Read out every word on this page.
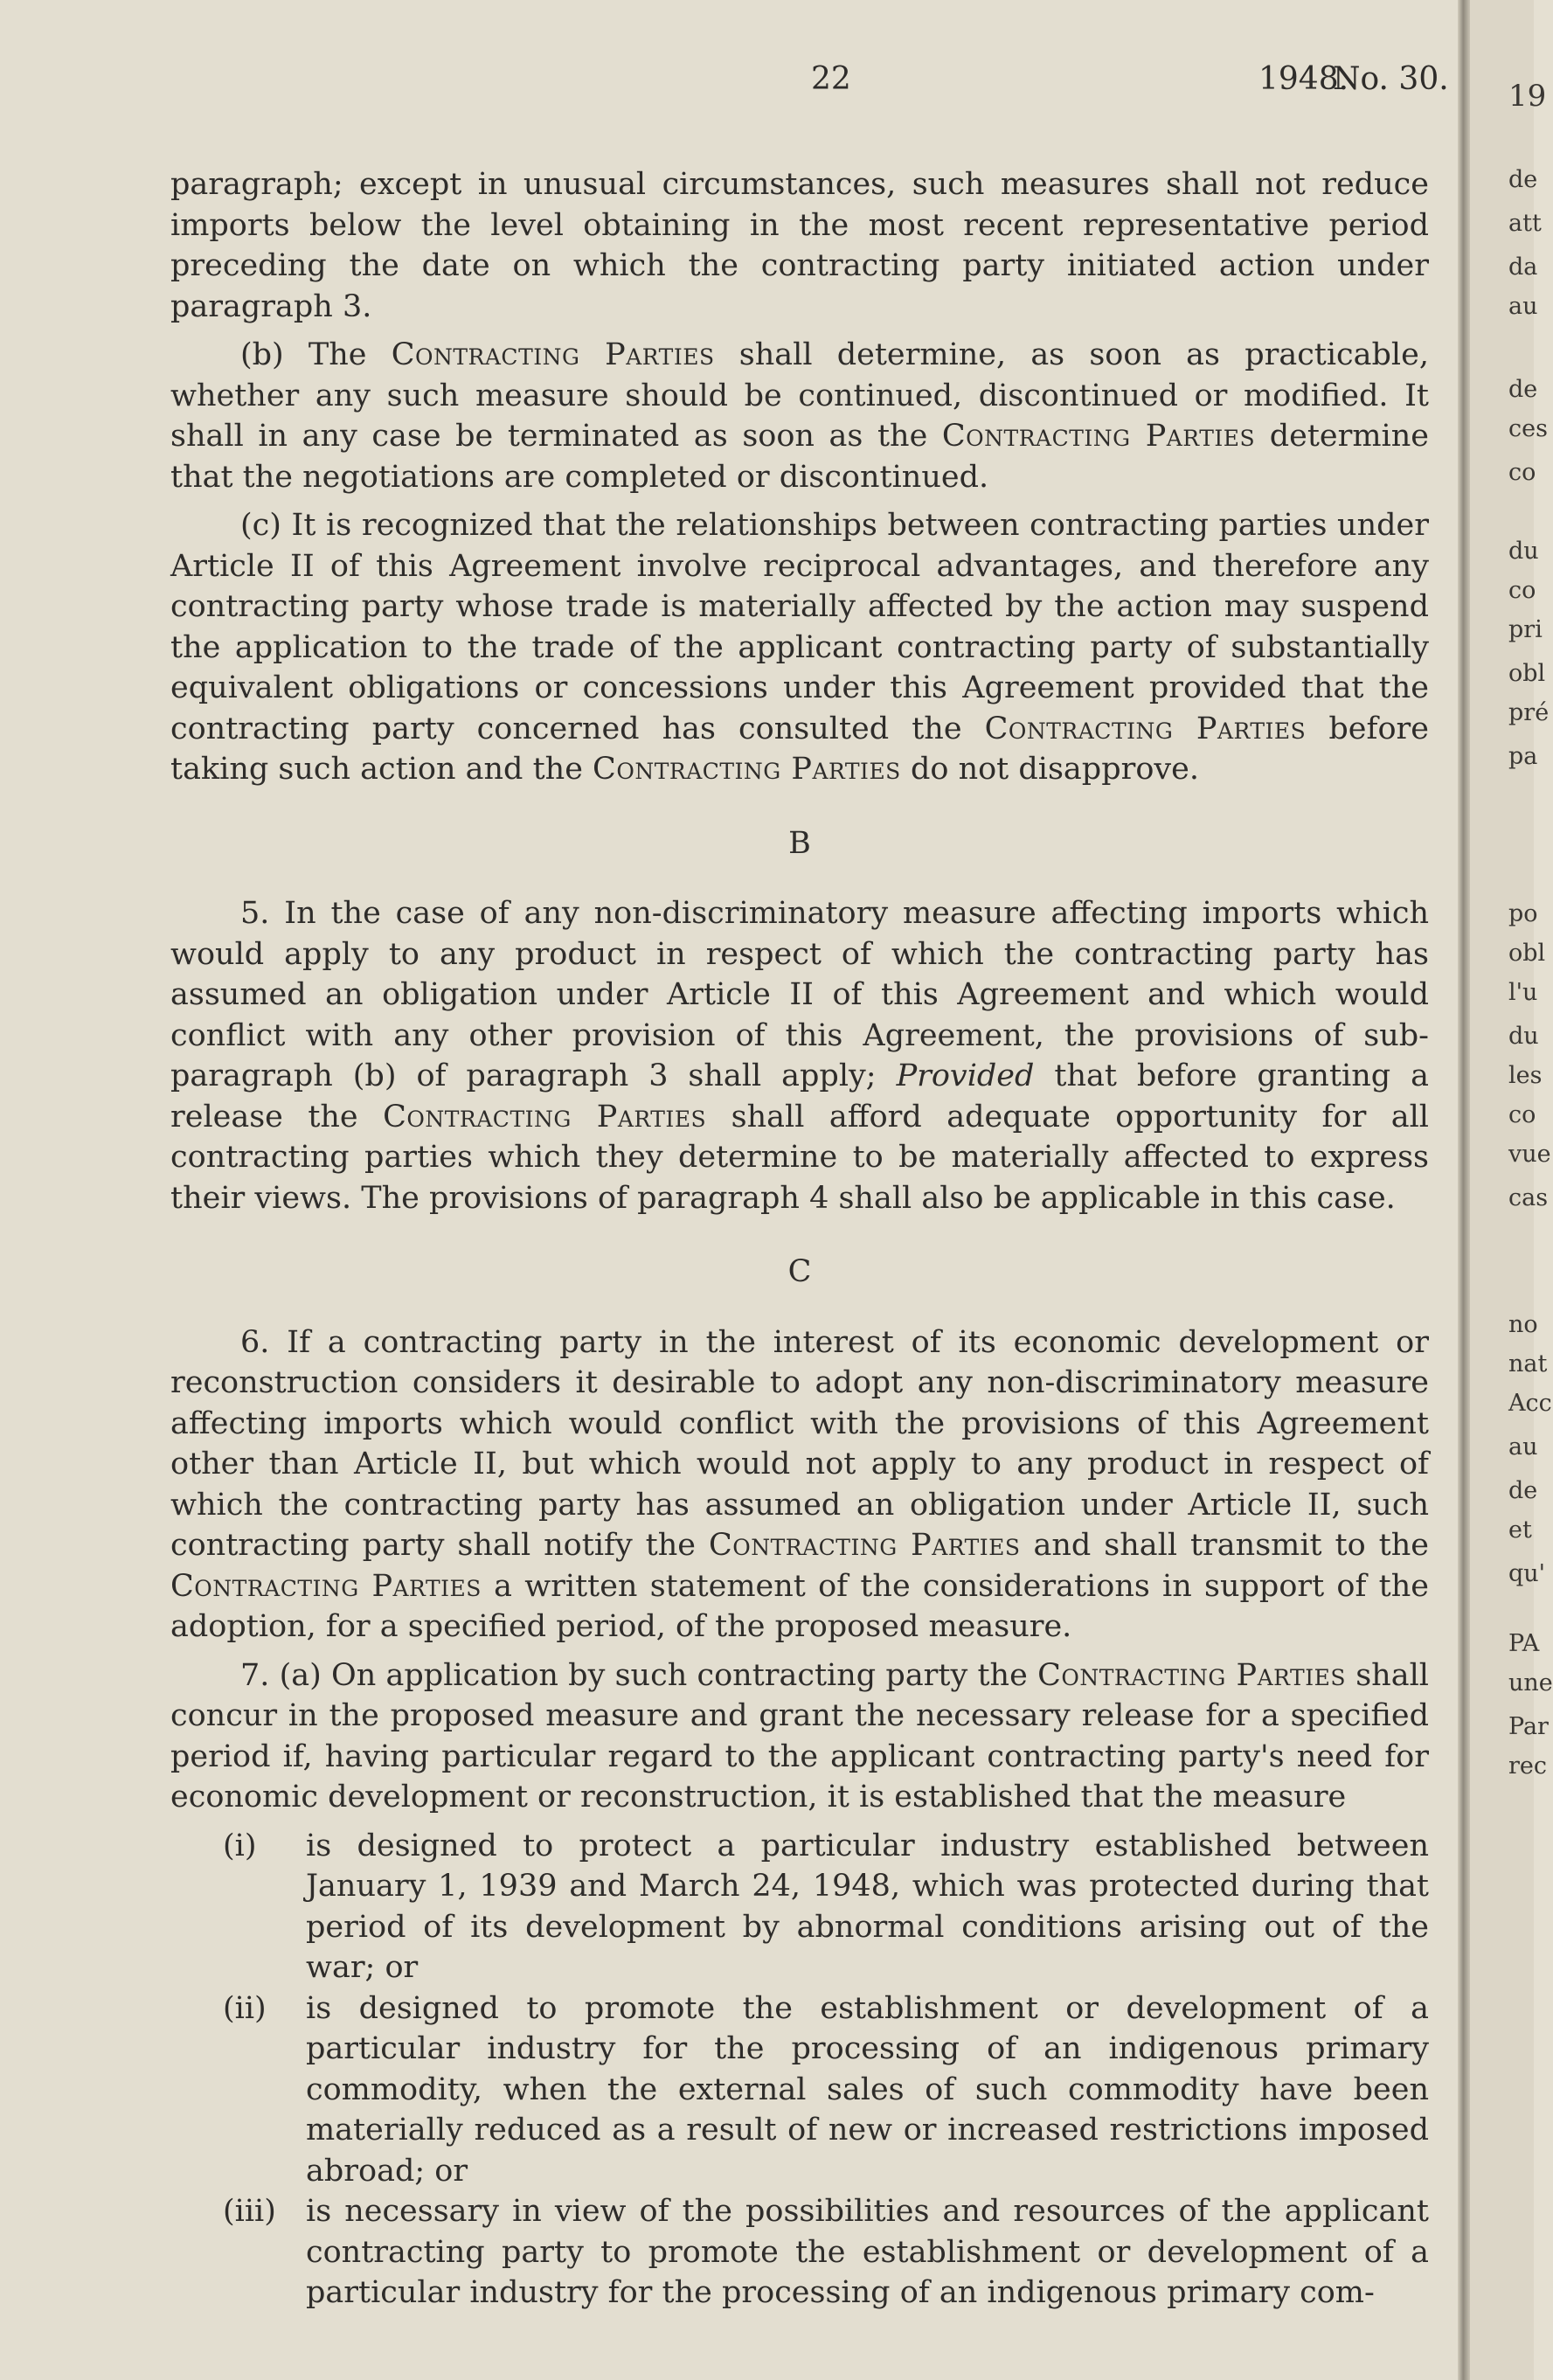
22	1948.
No. 30.

paragraph; except in unusual circumstances, such measures shall not reduce imports below the level obtaining in the most recent representative period preceding the date on which the contracting party initiated action under paragraph 3.

(b) The Contracting Parties shall determine, as soon as practicable, whether any such measure should be continued, discontinued or modified. It shall in any case be terminated as soon as the Contracting Parties determine that the negotiations are completed or discontinued.

(c) It is recognized that the relationships between contracting parties under Article II of this Agreement involve reciprocal advantages, and therefore any contracting party whose trade is materially affected by the action may suspend the application to the trade of the applicant contracting party of substantially equivalent obligations or concessions under this Agreement provided that the contracting party concerned has consulted the Contracting Parties before taking such action and the Contracting Parties do not disapprove.

B

5. In the case of any non-discriminatory measure affecting imports which would apply to any product in respect of which the contracting party has assumed an obligation under Article II of this Agreement and which would conflict with any other provision of this Agreement, the provisions of sub-paragraph (b) of paragraph 3 shall apply; Provided that before granting a release the Contracting Parties shall afford adequate opportunity for all contracting parties which they determine to be materially affected to express their views. The provisions of paragraph 4 shall also be applicable in this case.

C

6. If a contracting party in the interest of its economic development or reconstruction considers it desirable to adopt any non-discriminatory measure affecting imports which would conflict with the provisions of this Agreement other than Article II, but which would not apply to any product in respect of which the contracting party has assumed an obligation under Article II, such contracting party shall notify the Contracting Parties and shall transmit to the Contracting Parties a written statement of the considerations in support of the adoption, for a specified period, of the proposed measure.

7. (a) On application by such contracting party the Contracting Parties shall concur in the proposed measure and grant the necessary release for a specified period if, having particular regard to the applicant contracting party's need for economic development or reconstruction, it is established that the measure

(i) is designed to protect a particular industry established between January 1, 1939 and March 24, 1948, which was protected during that period of its development by abnormal conditions arising out of the war; or
(ii) is designed to promote the establishment or development of a particular industry for the processing of an indigenous primary commodity, when the external sales of such commodity have been materially reduced as a result of new or increased restrictions imposed abroad; or
(iii) is necessary in view of the possibilities and resources of the applicant contracting party to promote the establishment or development of a particular industry for the processing of an indigenous primary com-
19
de
att
da
au
de
ces
co
du
co
pri
obl
pré
pa
po
obl
l'u
du
les
co
vue
cas
no
nat
Acc
au
de
et
qu'
PA
une
Par
rec
